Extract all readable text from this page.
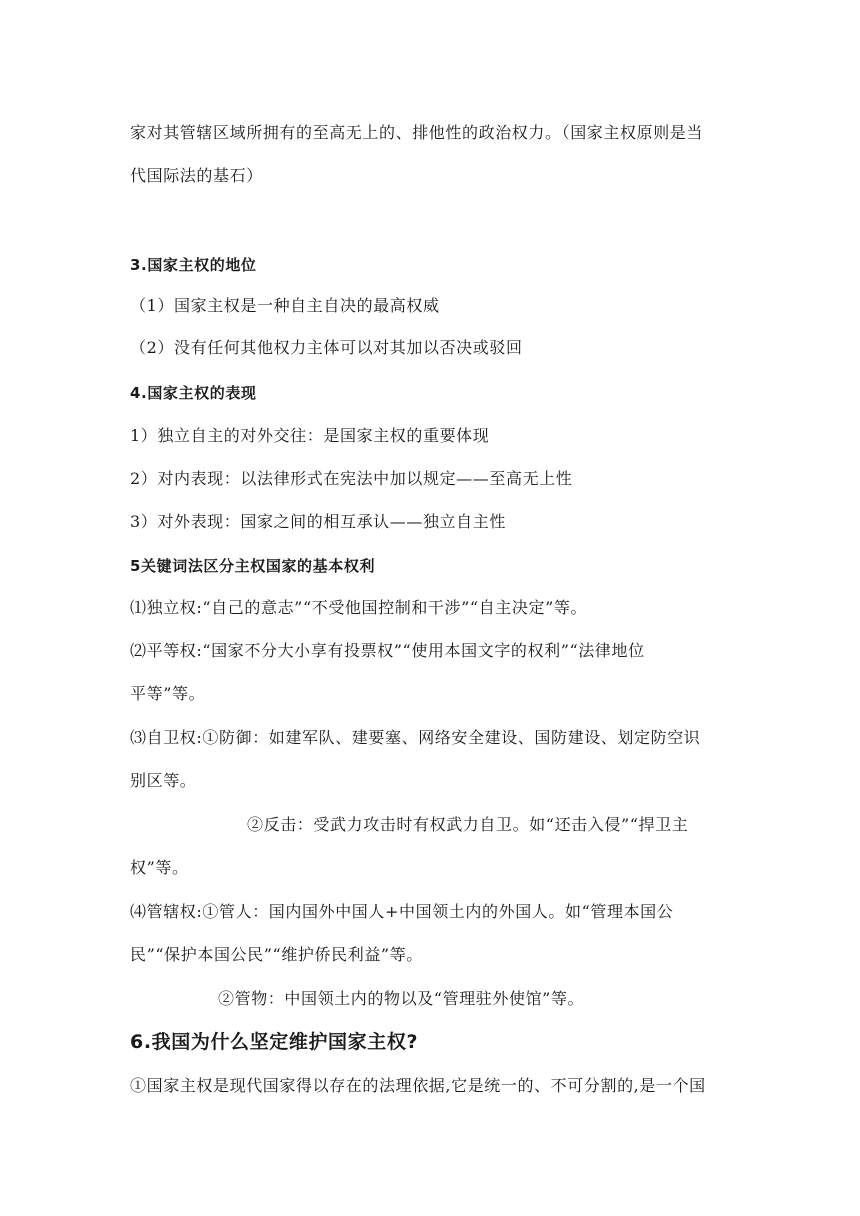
家对其管辖区域所拥有的至高无上的、排他性的政治权力。（国家主权原则是当
代国际法的基石）
3.国家主权的地位
（1）国家主权是一种自主自决的最高权威
（2）没有任何其他权力主体可以对其加以否决或驳回
4.国家主权的表现
1）独立自主的对外交往：是国家主权的重要体现
2）对内表现：以法律形式在宪法中加以规定——至高无上性
3）对外表现：国家之间的相互承认——独立自主性
5关键词法区分主权国家的基本权利
⑴独立权:“自己的意志”“不受他国控制和干涉”“自主决定”等。
⑵平等权:“国家不分大小享有投票权”“使用本国文字的权利”“法律地位
平等”等。
⑶自卫权:①防御：如建军队、建要塞、网络安全建设、国防建设、划定防空识
别区等。
②反击：受武力攻击时有权武力自卫。如“还击入侵”“捍卫主
权”等。
⑷管辖权:①管人：国内国外中国人+中国领土内的外国人。如“管理本国公
民”“保护本国公民”“维护侨民利益”等。
②管物：中国领土内的物以及“管理驻外使馆”等。
6.我国为什么坚定维护国家主权?
①国家主权是现代国家得以存在的法理依据,它是统一的、不可分割的,是一个国
